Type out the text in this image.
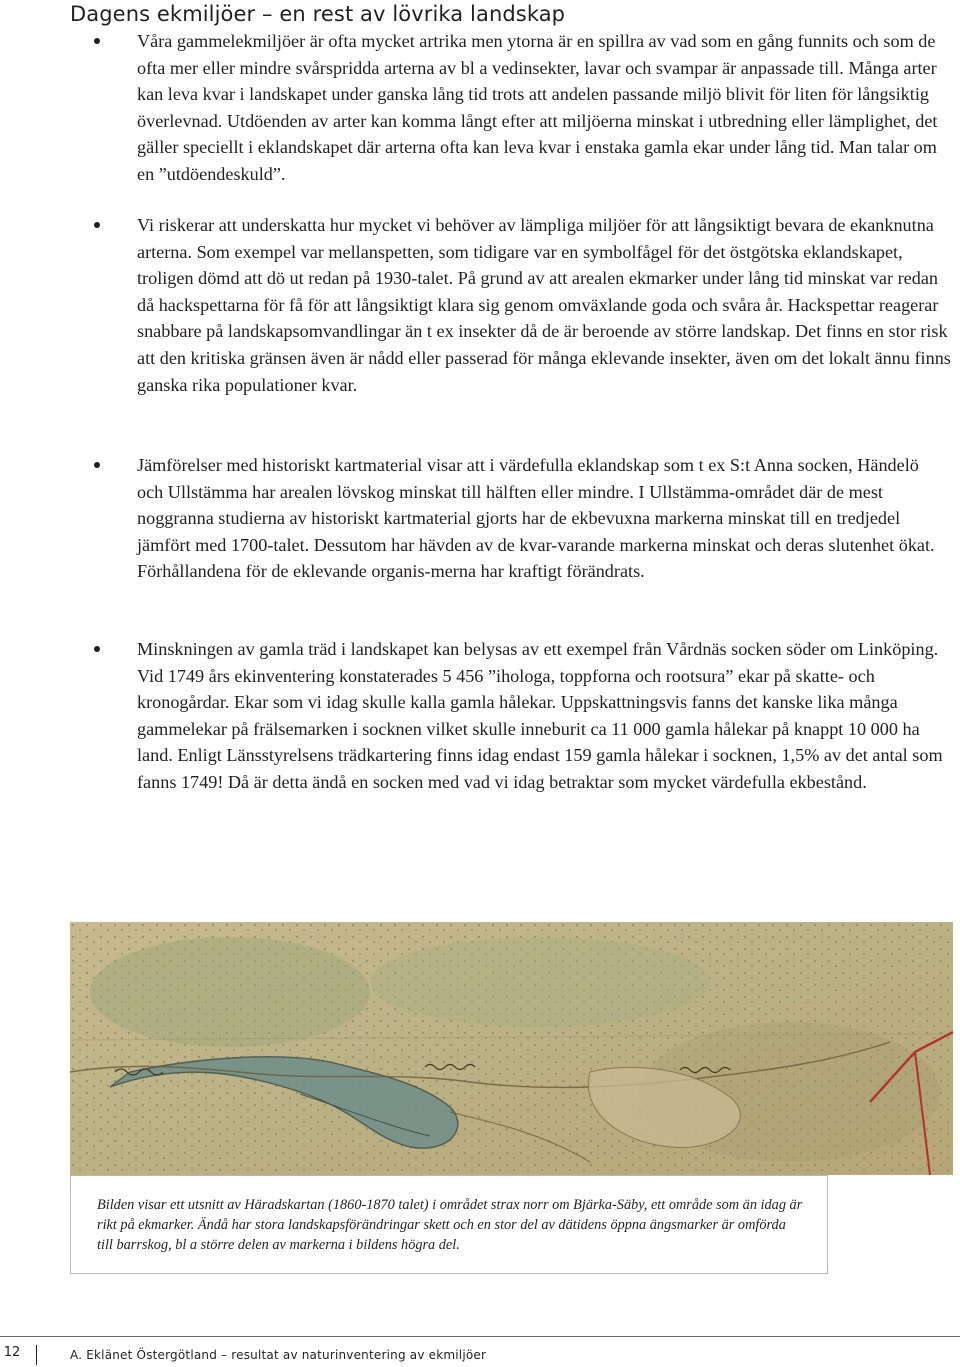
Dagens ekmiljöer – en rest av lövrika landskap

Våra gammelekmiljöer är ofta mycket artrika men ytorna är en spillra av vad som en gång funnits och som de ofta mer eller mindre svårspridda arterna av bl a vedinsekter, lavar och svampar är anpassade till. Många arter kan leva kvar i landskapet under ganska lång tid trots att andelen passande miljö blivit för liten för långsiktig överlevnad. Utdöenden av arter kan komma långt efter att miljöerna minskat i utbredning eller lämplighet, det gäller speciellt i eklandskapet där arterna ofta kan leva kvar i enstaka gamla ekar under lång tid. Man talar om en ”utdöendeskuld”.

Vi riskerar att underskatta hur mycket vi behöver av lämpliga miljöer för att långsiktigt bevara de ekanknutna arterna. Som exempel var mellanspetten, som tidigare var en symbolfågel för det östgötska eklandskapet, troligen dömd att dö ut redan på 1930-talet. På grund av att arealen ekmarker under lång tid minskat var redan då hackspettarna för få för att långsiktigt klara sig genom omväxlande goda och svåra år. Hackspettar reagerar snabbare på landskapsomvandlingar än t ex insekter då de är beroende av större landskap. Det finns en stor risk att den kritiska gränsen även är nådd eller passerad för många eklevande insekter, även om det lokalt ännu finns ganska rika populationer kvar.

Jämförelser med historiskt kartmaterial visar att i värdefulla eklandskap som t ex S:t Anna socken, Händelö och Ullstämma har arealen lövskog minskat till hälften eller mindre. I Ullstämma-området där de mest noggranna studierna av historiskt kartmaterial gjorts har de ekbevuxna markerna minskat till en tredjedel jämfört med 1700-talet. Dessutom har hävden av de kvar-varande markerna minskat och deras slutenhet ökat. Förhållandena för de eklevande organis-merna har kraftigt förändrats.

Minskningen av gamla träd i landskapet kan belysas av ett exempel från Vårdnäs socken söder om Linköping. Vid 1749 års ekinventering konstaterades 5 456 ”ihologa, toppforna och rootsura” ekar på skatte- och kronogårdar. Ekar som vi idag skulle kalla gamla hålekar. Uppskattningsvis fanns det kanske lika många gammelekar på frälsemarken i socknen vilket skulle inneburit ca 11 000 gamla hålekar på knappt 10 000 ha land. Enligt Länsstyrelsens trädkartering finns idag endast 159 gamla hålekar i socknen, 1,5% av det antal som fanns 1749! Då är detta ändå en socken med vad vi idag betraktar som mycket värdefulla ekbestånd.

Bilden visar ett utsnitt av Häradskartan (1860-1870 talet) i området strax norr om Bjärka-Säby, ett område som än idag är rikt på ekmarker. Ändå har stora landskapsförändringar skett och en stor del av dätidens öppna ängsmarker är omförda till barrskog, bl a större delen av markerna i bildens högra del.

12	A. Eklänet Östergötland – resultat av naturinventering av ekmiljöer
